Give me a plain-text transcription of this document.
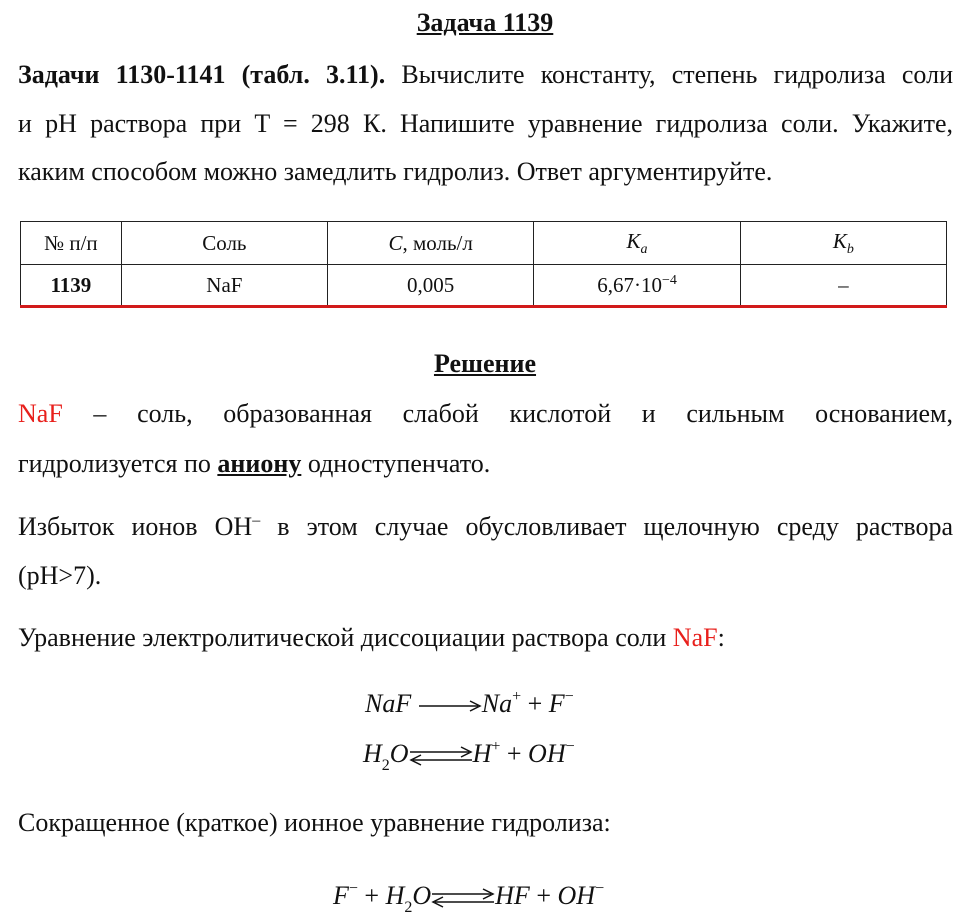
Задача 1139
Задачи 1130-1141 (табл. 3.11). Вычислите константу, степень гидролиза соли
и pH раствора при T = 298 К. Напишите уравнение гидролиза соли. Укажите,
каким способом можно замедлить гидролиз. Ответ аргументируйте.
№ п/п	Соль	C, моль/л	$K_a$	$K_b$
1139	NaF	0,005	$6,67\cdot 10^{-4}$	–
Решение
NaF – соль, образованная слабой кислотой и сильным основанием,
гидролизуется по аниону одноступенчато.
Избыток ионов OH– в этом случае обусловливает щелочную среду раствора
(pH>7).
Уравнение электролитической диссоциации раствора соли NaF:
NaF	Na+ + F−
$H_2O\rightleftharpoons H^+ + OH^-$
Сокращенное (краткое) ионное уравнение гидролиза:
$F^- + H_2O\rightleftharpoons HF + OH^-$
